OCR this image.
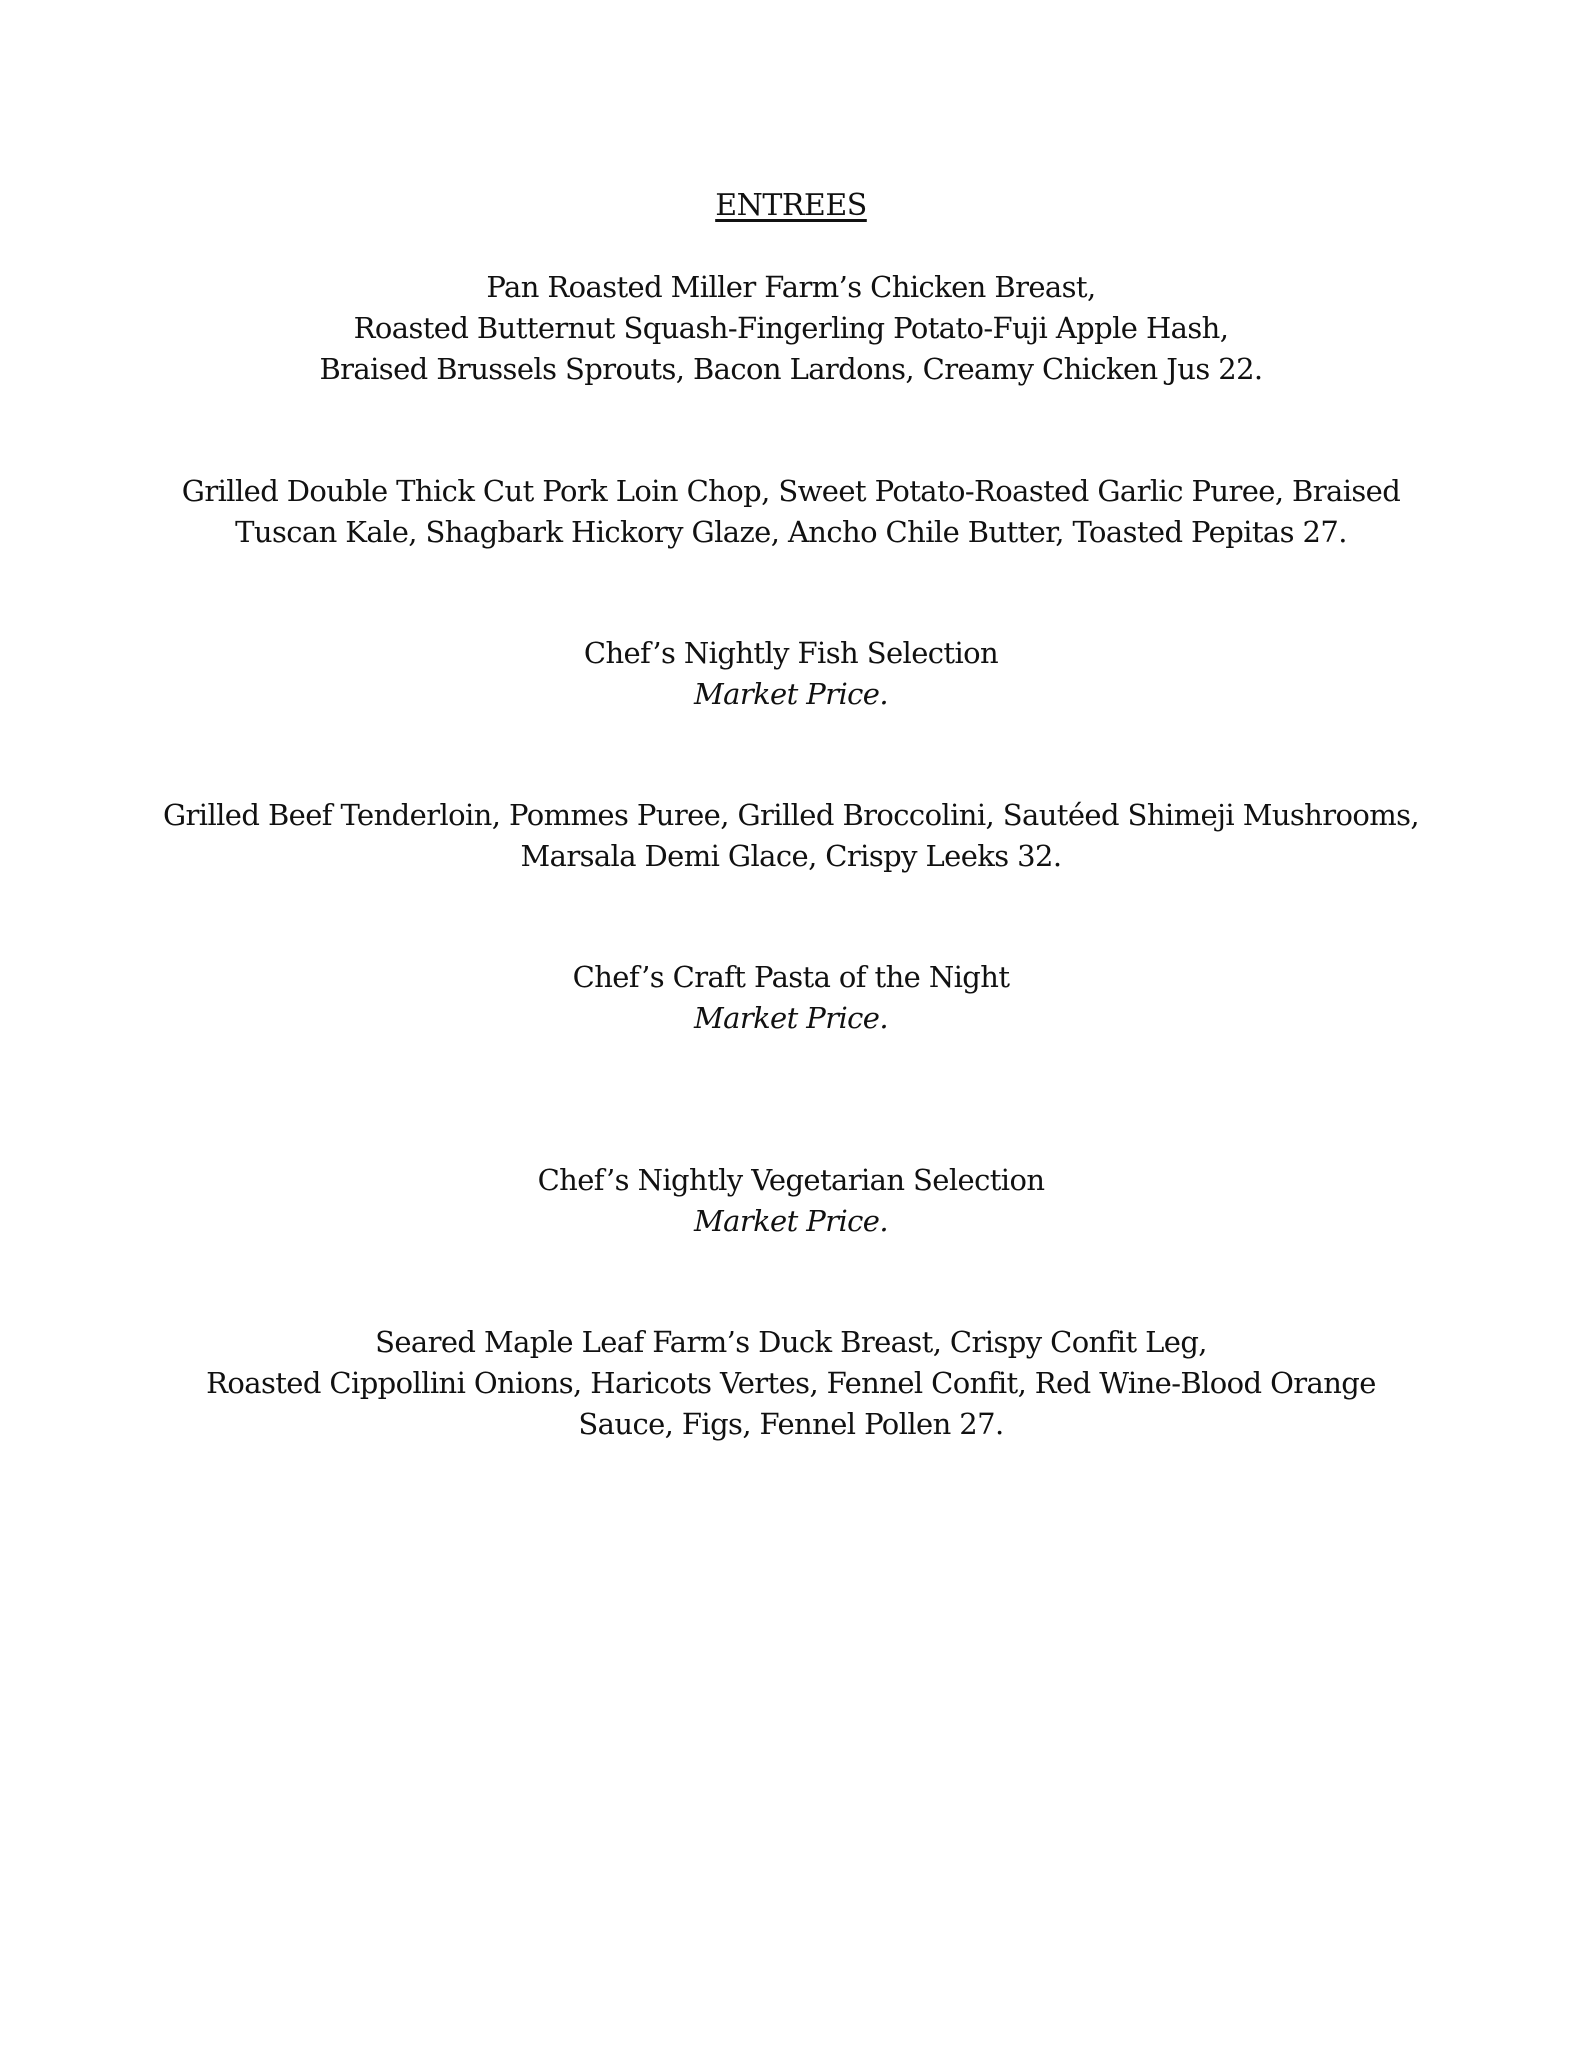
ENTREES
Pan Roasted Miller Farm’s Chicken Breast,
Roasted Butternut Squash-Fingerling Potato-Fuji Apple Hash,
Braised Brussels Sprouts, Bacon Lardons, Creamy Chicken Jus 22.
Grilled Double Thick Cut Pork Loin Chop, Sweet Potato-Roasted Garlic Puree, Braised
Tuscan Kale, Shagbark Hickory Glaze, Ancho Chile Butter, Toasted Pepitas 27.
Chef’s Nightly Fish Selection
Market Price.
Grilled Beef Tenderloin, Pommes Puree, Grilled Broccolini, Sautéed Shimeji Mushrooms,
Marsala Demi Glace, Crispy Leeks 32.
Chef’s Craft Pasta of the Night
Market Price.
Chef’s Nightly Vegetarian Selection
Market Price.
Seared Maple Leaf Farm’s Duck Breast, Crispy Confit Leg,
Roasted Cippollini Onions, Haricots Vertes, Fennel Confit, Red Wine-Blood Orange
Sauce, Figs, Fennel Pollen 27.
